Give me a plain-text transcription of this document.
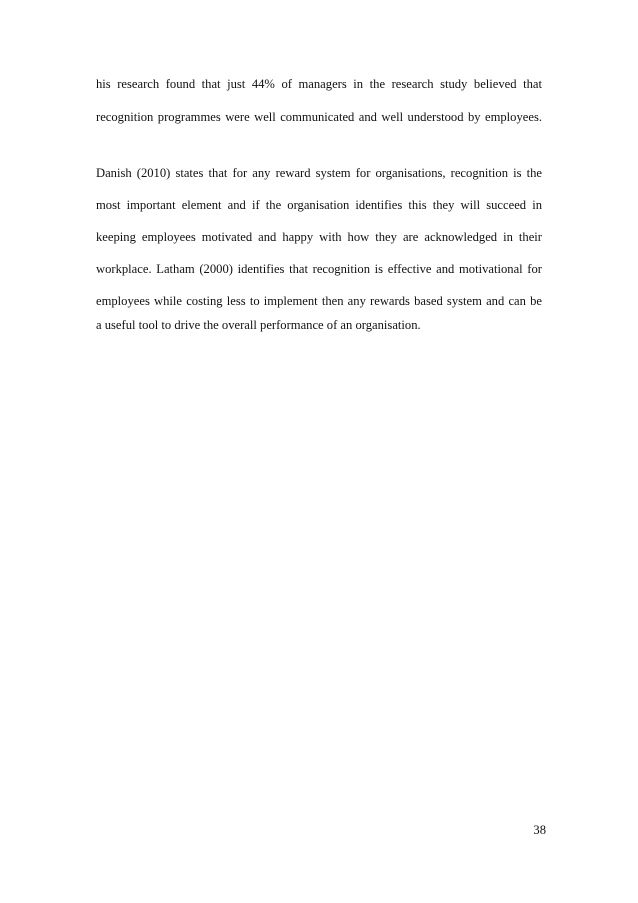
his research found that just 44% of managers in the research study believed that
recognition programmes were well communicated and well understood by employees.
Danish (2010) states that for any reward system for organisations, recognition is the
most important element and if the organisation identifies this they will succeed in
keeping employees motivated and happy with how they are acknowledged in their
workplace. Latham (2000) identifies that recognition is effective and motivational for
employees while costing less to implement then any rewards based system and can be
a useful tool to drive the overall performance of an organisation.
38
